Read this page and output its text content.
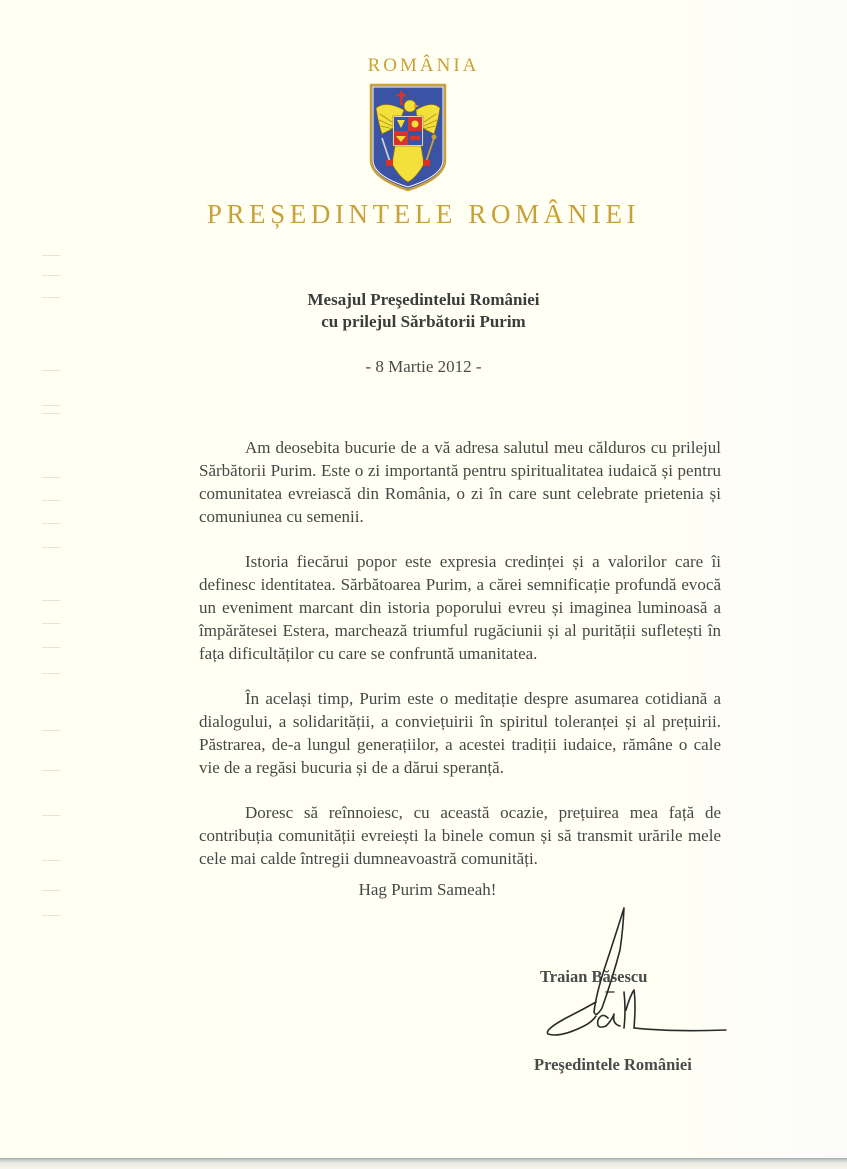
ROMÂNIA
PREȘEDINTELE ROMÂNIEI
Mesajul Preşedintelui României
cu prilejul Sărbătorii Purim
- 8 Martie 2012 -

Am deosebita bucurie de a vă adresa salutul meu călduros cu prilejul Sărbătorii Purim. Este o zi importantă pentru spiritualitatea iudaică și pentru comunitatea evreiască din România, o zi în care sunt celebrate prietenia și comuniunea cu semenii.

Istoria fiecărui popor este expresia credinței și a valorilor care îi definesc identitatea. Sărbătoarea Purim, a cărei semnificație profundă evocă un eveniment marcant din istoria poporului evreu și imaginea luminoasă a împărătesei Estera, marchează triumful rugăciunii și al purității sufletești în fața dificultăților cu care se confruntă umanitatea.

În același timp, Purim este o meditație despre asumarea cotidiană a dialogului, a solidarității, a conviețuirii în spiritul toleranței și al prețuirii. Păstrarea, de-a lungul generațiilor, a acestei tradiții iudaice, rămâne o cale vie de a regăsi bucuria și de a dărui speranță.

Doresc să reînnoiesc, cu această ocazie, prețuirea mea față de contribuția comunității evreiești la binele comun și să transmit urările mele cele mai calde întregii dumneavoastră comunități.

Hag Purim Sameah!
Traian Băsescu
Preşedintele României
